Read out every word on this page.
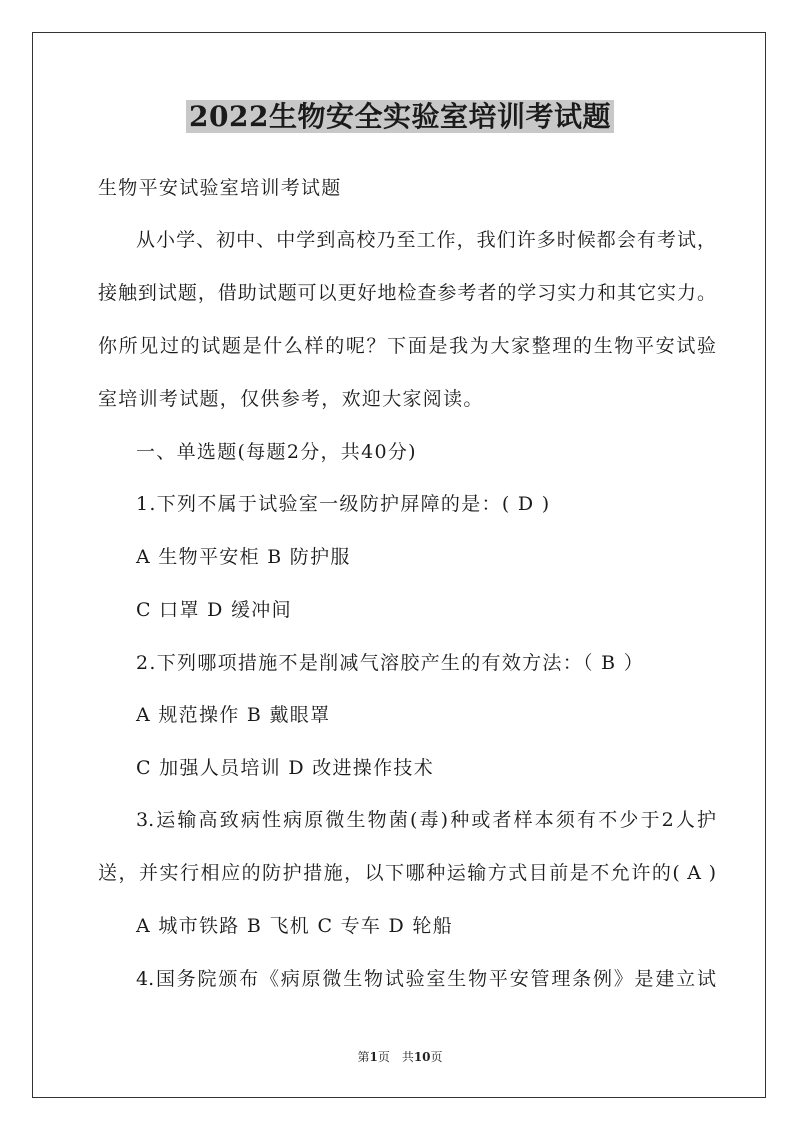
2022生物安全实验室培训考试题
生物平安试验室培训考试题
从小学、初中、中学到高校乃至工作，我们许多时候都会有考试，
接触到试题，借助试题可以更好地检查参考者的学习实力和其它实力。
你所见过的试题是什么样的呢？下面是我为大家整理的生物平安试验
室培训考试题，仅供参考，欢迎大家阅读。
一、单选题(每题2分，共40分)
1.下列不属于试验室一级防护屏障的是：( D )
A 生物平安柜 B 防护服
C 口罩 D 缓冲间
2.下列哪项措施不是削减气溶胶产生的有效方法：（ B ）
A 规范操作 B 戴眼罩
C 加强人员培训 D 改进操作技术
3.运输高致病性病原微生物菌(毒)种或者样本须有不少于2人护
送，并实行相应的防护措施，以下哪种运输方式目前是不允许的( A )
A 城市铁路 B 飞机 C 专车 D 轮船
4.国务院颁布《病原微生物试验室生物平安管理条例》是建立试
第1页　共10页
